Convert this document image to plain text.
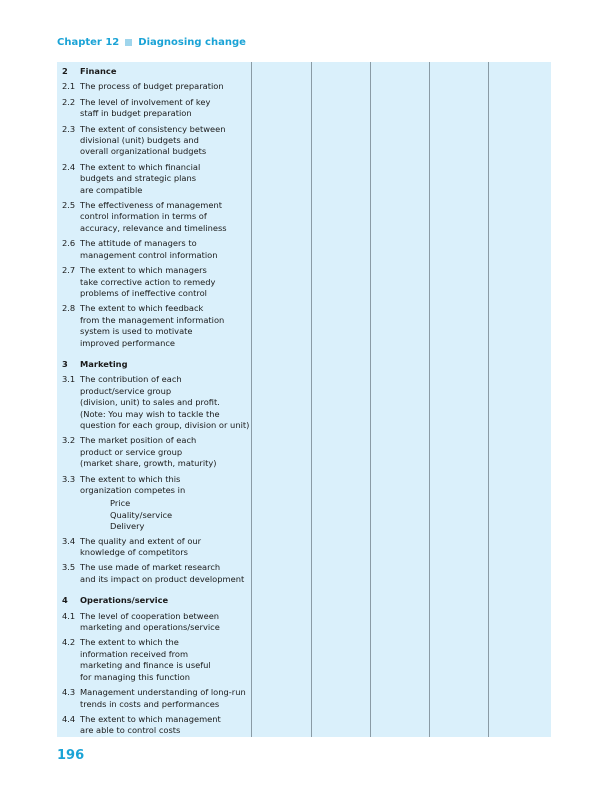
Chapter 12 Diagnosing change
2	Finance
2.1 The process of budget preparation
2.2 The level of involvement of key
staff in budget preparation
2.3 The extent of consistency between
divisional (unit) budgets and
overall organizational budgets
2.4 The extent to which financial
budgets and strategic plans
are compatible
2.5 The effectiveness of management
control information in terms of
accuracy, relevance and timeliness
2.6 The attitude of managers to
management control information
2.7 The extent to which managers
take corrective action to remedy
problems of ineffective control
2.8 The extent to which feedback
from the management information
system is used to motivate
improved performance
3	Marketing
3.1 The contribution of each
product/service group
(division, unit) to sales and profit.
(Note: You may wish to tackle the
question for each group, division or unit)
3.2 The market position of each
product or service group
(market share, growth, maturity)
3.3 The extent to which this
organization competes in
Price
Quality/service
Delivery
3.4 The quality and extent of our
knowledge of competitors
3.5 The use made of market research
and its impact on product development
4	Operations/service
4.1 The level of cooperation between
marketing and operations/service
4.2 The extent to which the
information received from
marketing and finance is useful
for managing this function
4.3 Management understanding of long-run
trends in costs and performances
4.4 The extent to which management
are able to control costs
196
